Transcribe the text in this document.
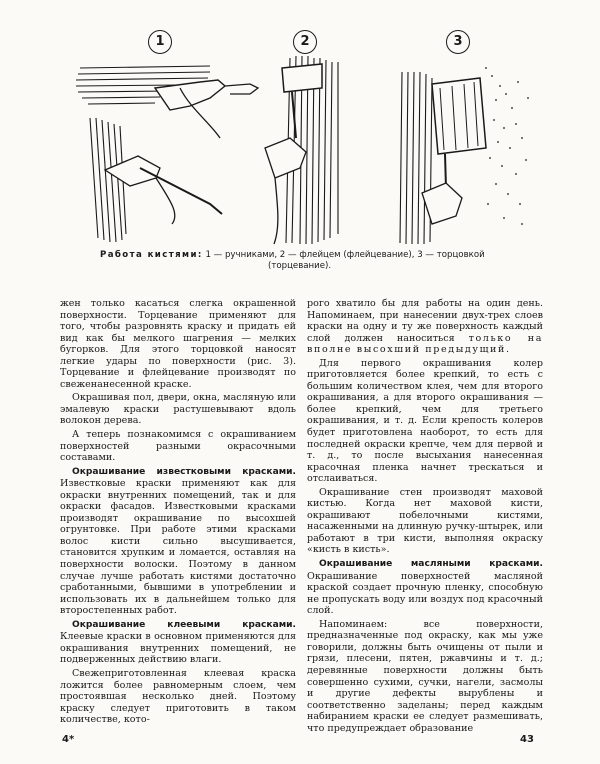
1	2	3
Работа кистями: 1 — ручниками, 2 — флейцем (флейцевание), 3 — торцовкой
(торцевание).

жен только касаться слегка окрашенной поверхности. Торцевание применяют для того, чтобы разровнять краску и придать ей вид как бы мелкого шагрения — мелких бугорков. Для этого торцовкой наносят легкие удары по поверхности (рис. 3). Торцевание и флейцевание производят по свеженанесенной краске.

Окрашивая пол, двери, окна, масляную или эмалевую краски растушевывают вдоль волокон дерева.

А теперь познакомимся с окрашиванием поверхностей разными окрасочными составами.

Окрашивание известковыми красками. Известковые краски применяют как для окраски внутренних помещений, так и для окраски фасадов. Известковыми красками производят окрашивание по высохшей огрунтовке. При работе этими красками волос кисти сильно высушивается, становится хрупким и ломается, оставляя на поверхности волоски. Поэтому в данном случае лучше работать кистями достаточно сработанными, бывшими в употреблении и использовать их в дальнейшем только для второстепенных работ.

Окрашивание клеевыми красками. Клеевые краски в основном применяются для окрашивания внутренних помещений, не подверженных действию влаги.

Свежеприготовленная клеевая краска ложится более равномерным слоем, чем простоявшая несколько дней. Поэтому краску следует приготовить в таком количестве, кото-

рого хватило бы для работы на один день. Напоминаем, при нанесении двух-трех слоев краски на одну и ту же поверхность каждый слой должен наноситься только на вполне высохший предыдущий.

Для первого окрашивания колер приготовляется более крепкий, то есть с большим количеством клея, чем для второго окрашивания, а для второго окрашивания — более крепкий, чем для третьего окрашивания, и т. д. Если крепость колеров будет приготовлена наоборот, то есть для последней окраски крепче, чем для первой и т. д., то после высыхания нанесенная красочная пленка начнет трескаться и отслаиваться.

Окрашивание стен производят маховой кистью. Когда нет маховой кисти, окрашивают побелочными кистями, насаженными на длинную ручку-штырек, или работают в три кисти, выполняя окраску «кисть в кисть».

Окрашивание масляными красками. Окрашивание поверхностей масляной краской создает прочную пленку, способную не пропускать воду или воздух под красочный слой.

Напоминаем: все поверхности, предназначенные под окраску, как мы уже говорили, должны быть очищены от пыли и грязи, плесени, пятен, ржавчины и т. д.; деревянные поверхности должны быть совершенно сухими, сучки, нагели, засмолы и другие дефекты вырублены и соответственно заделаны; перед каждым набиранием краски ее следует размешивать, что предупреждает образование

4*	43
